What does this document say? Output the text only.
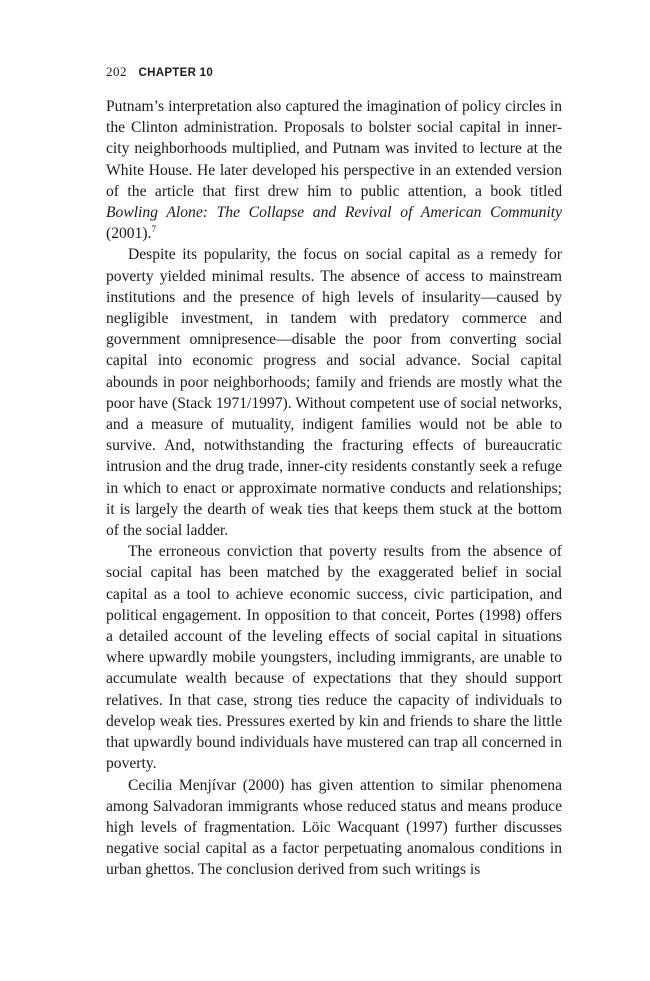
202 CHAPTER 10

Putnam’s interpretation also captured the imagination of policy circles in the Clinton administration. Proposals to bolster social capital in inner-city neighborhoods multiplied, and Putnam was invited to lecture at the White House. He later developed his perspective in an extended version of the article that first drew him to public attention, a book titled Bowling Alone: The Collapse and Revival of American Community (2001).$^7$

Despite its popularity, the focus on social capital as a remedy for poverty yielded minimal results. The absence of access to mainstream institutions and the presence of high levels of insularity—caused by negligible investment, in tandem with predatory commerce and government omnipresence—disable the poor from converting social capital into economic progress and social advance. Social capital abounds in poor neighborhoods; family and friends are mostly what the poor have (Stack 1971/1997). Without competent use of social networks, and a measure of mutuality, indigent families would not be able to survive. And, notwithstanding the fracturing effects of bureaucratic intrusion and the drug trade, inner-city residents constantly seek a refuge in which to enact or approximate normative conducts and relationships; it is largely the dearth of weak ties that keeps them stuck at the bottom of the social ladder.

The erroneous conviction that poverty results from the absence of social capital has been matched by the exaggerated belief in social capital as a tool to achieve economic success, civic participation, and political engagement. In opposition to that conceit, Portes (1998) offers a detailed account of the leveling effects of social capital in situations where upwardly mobile youngsters, including immigrants, are unable to accumulate wealth because of expectations that they should support relatives. In that case, strong ties reduce the capacity of individuals to develop weak ties. Pressures exerted by kin and friends to share the little that upwardly bound individuals have mustered can trap all concerned in poverty.

Cecilia Menjívar (2000) has given attention to similar phenomena among Salvadoran immigrants whose reduced status and means produce high levels of fragmentation. Löic Wacquant (1997) further discusses negative social capital as a factor perpetuating anomalous conditions in urban ghettos. The conclusion derived from such writings is
